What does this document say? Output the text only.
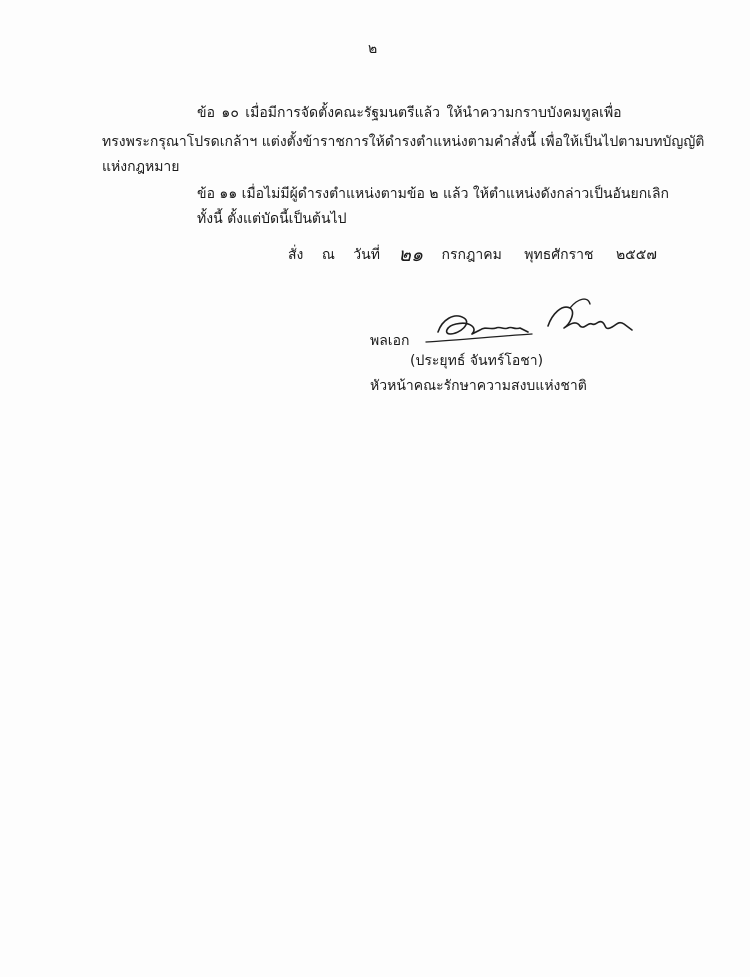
๒
ข้อ ๑๐ เมื่อมีการจัดตั้งคณะรัฐมนตรีแล้ว ให้นำความกราบบังคมทูลเพื่อ
ทรงพระกรุณาโปรดเกล้าฯ แต่งตั้งข้าราชการให้ดำรงตำแหน่งตามคำสั่งนี้ เพื่อให้เป็นไปตามบทบัญญัติ
แห่งกฎหมาย
ข้อ ๑๑ เมื่อไม่มีผู้ดำรงตำแหน่งตามข้อ ๒ แล้ว ให้ตำแหน่งดังกล่าวเป็นอันยกเลิก
ทั้งนี้ ตั้งแต่บัดนี้เป็นต้นไป
สั่ง ณ วันที่ ๒๑ กรกฎาคม พุทธศักราช ๒๕๕๗
พลเอก
(ประยุทธ์ จันทร์โอชา)
หัวหน้าคณะรักษาความสงบแห่งชาติ
